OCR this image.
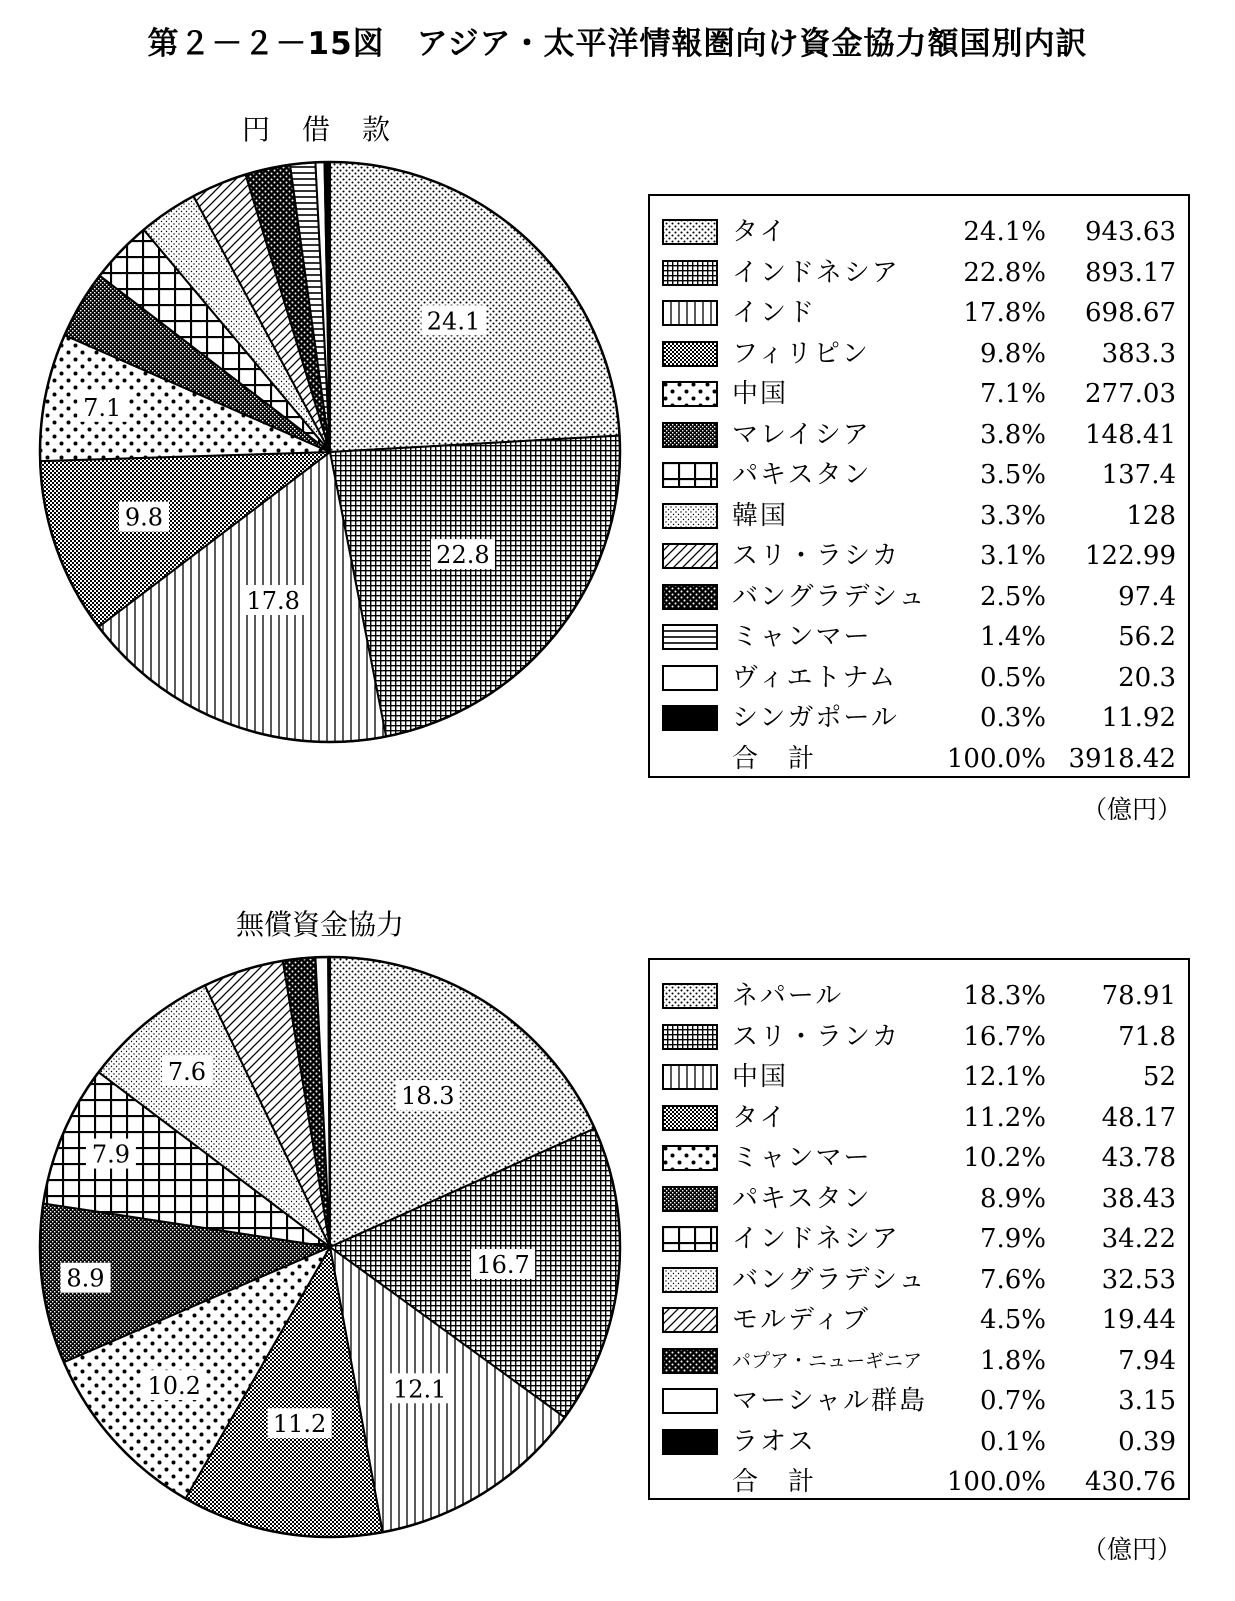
第２－２－15図　アジア・太平洋情報圏向け資金協力額国別内訳
円　借　款
24.1
22.8
17.8
9.8
7.1
タイ	24.1% 943.63
インドネシア 22.8% 893.17
インド	17.8% 698.67
フィリピン	9.8% 383.3
中国	7.1% 277.03
マレイシア	3.8% 148.41
パキスタン	3.5% 137.4
韓国	3.3%	128
スリ・ラシカ	3.1% 122.99
バングラデシュ 2.5%	97.4
ミャンマー	1.4%	56.2
ヴィエトナム	0.5%	20.3
シンガポール	0.3% 11.92
合　計	100.0% 3918.42
（億円）
無償資金協力
18.3
16.7
12.1
11.2
10.2
8.9
7.9
7.6
ネパール	18.3% 78.91
スリ・ランカ 16.7%	71.8
中国	12.1%	52
タイ	11.2% 48.17
ミャンマー	10.2% 43.78
パキスタン	8.9% 38.43
インドネシア	7.9% 34.22
バングラデシュ 7.6% 32.53
モルディブ	4.5% 19.44
パプア・ニューギニア 1.8%	7.94
マーシャル群島 0.7%	3.15
ラオス	0.1%	0.39
合　計	100.0% 430.76
（億円）
